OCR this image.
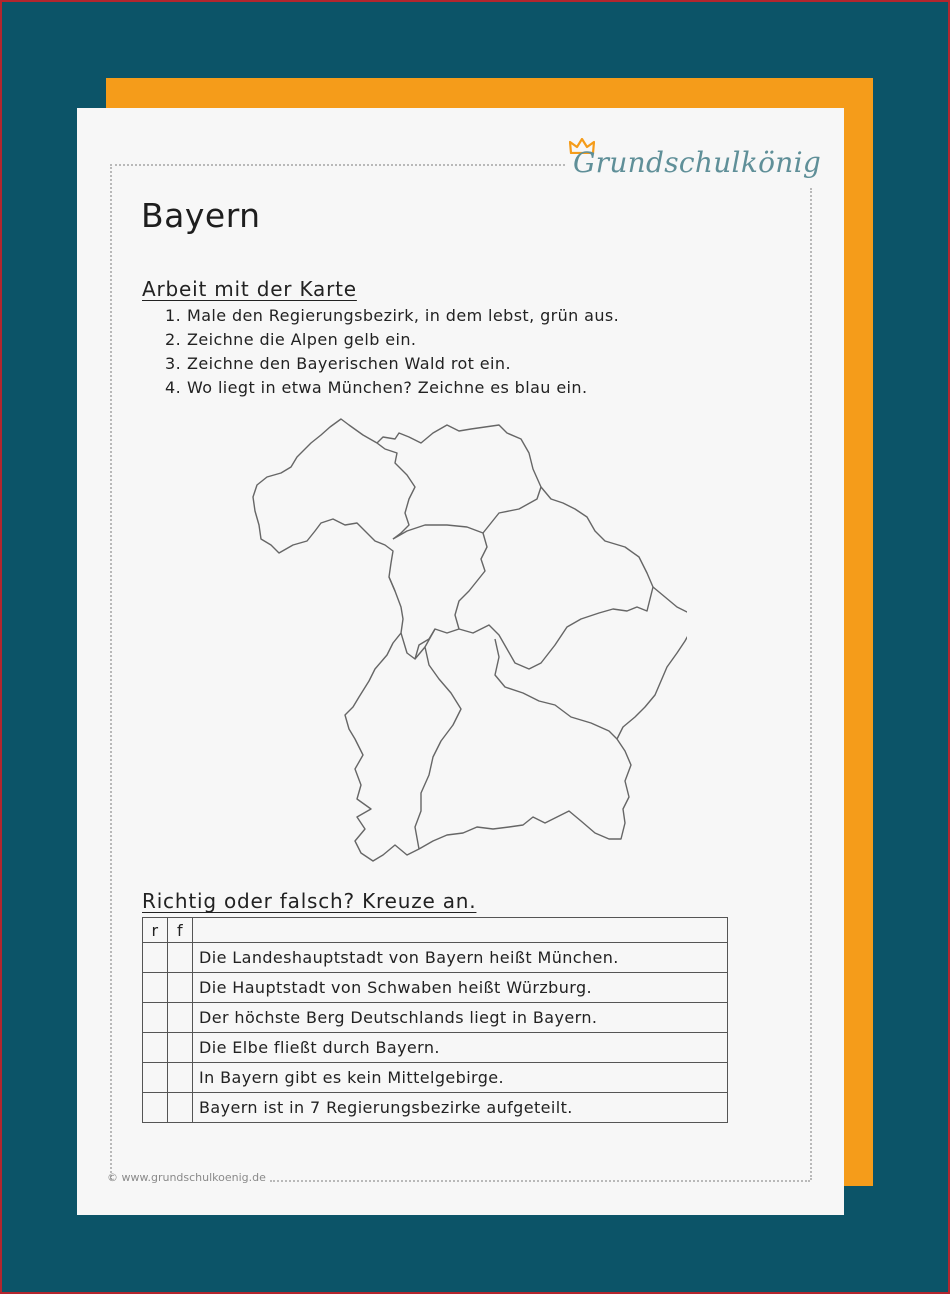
Grundschulkönig
Bayern
Arbeit mit der Karte
1. Male den Regierungsbezirk, in dem lebst, grün aus.
2. Zeichne die Alpen gelb ein.
3. Zeichne den Bayerischen Wald rot ein.
4. Wo liegt in etwa München? Zeichne es blau ein.
Richtig oder falsch? Kreuze an.
r	f	
		Die Landeshauptstadt von Bayern heißt München.
		Die Hauptstadt von Schwaben heißt Würzburg.
		Der höchste Berg Deutschlands liegt in Bayern.
		Die Elbe fließt durch Bayern.
		In Bayern gibt es kein Mittelgebirge.
		Bayern ist in 7 Regierungsbezirke aufgeteilt.
© www.grundschulkoenig.de
